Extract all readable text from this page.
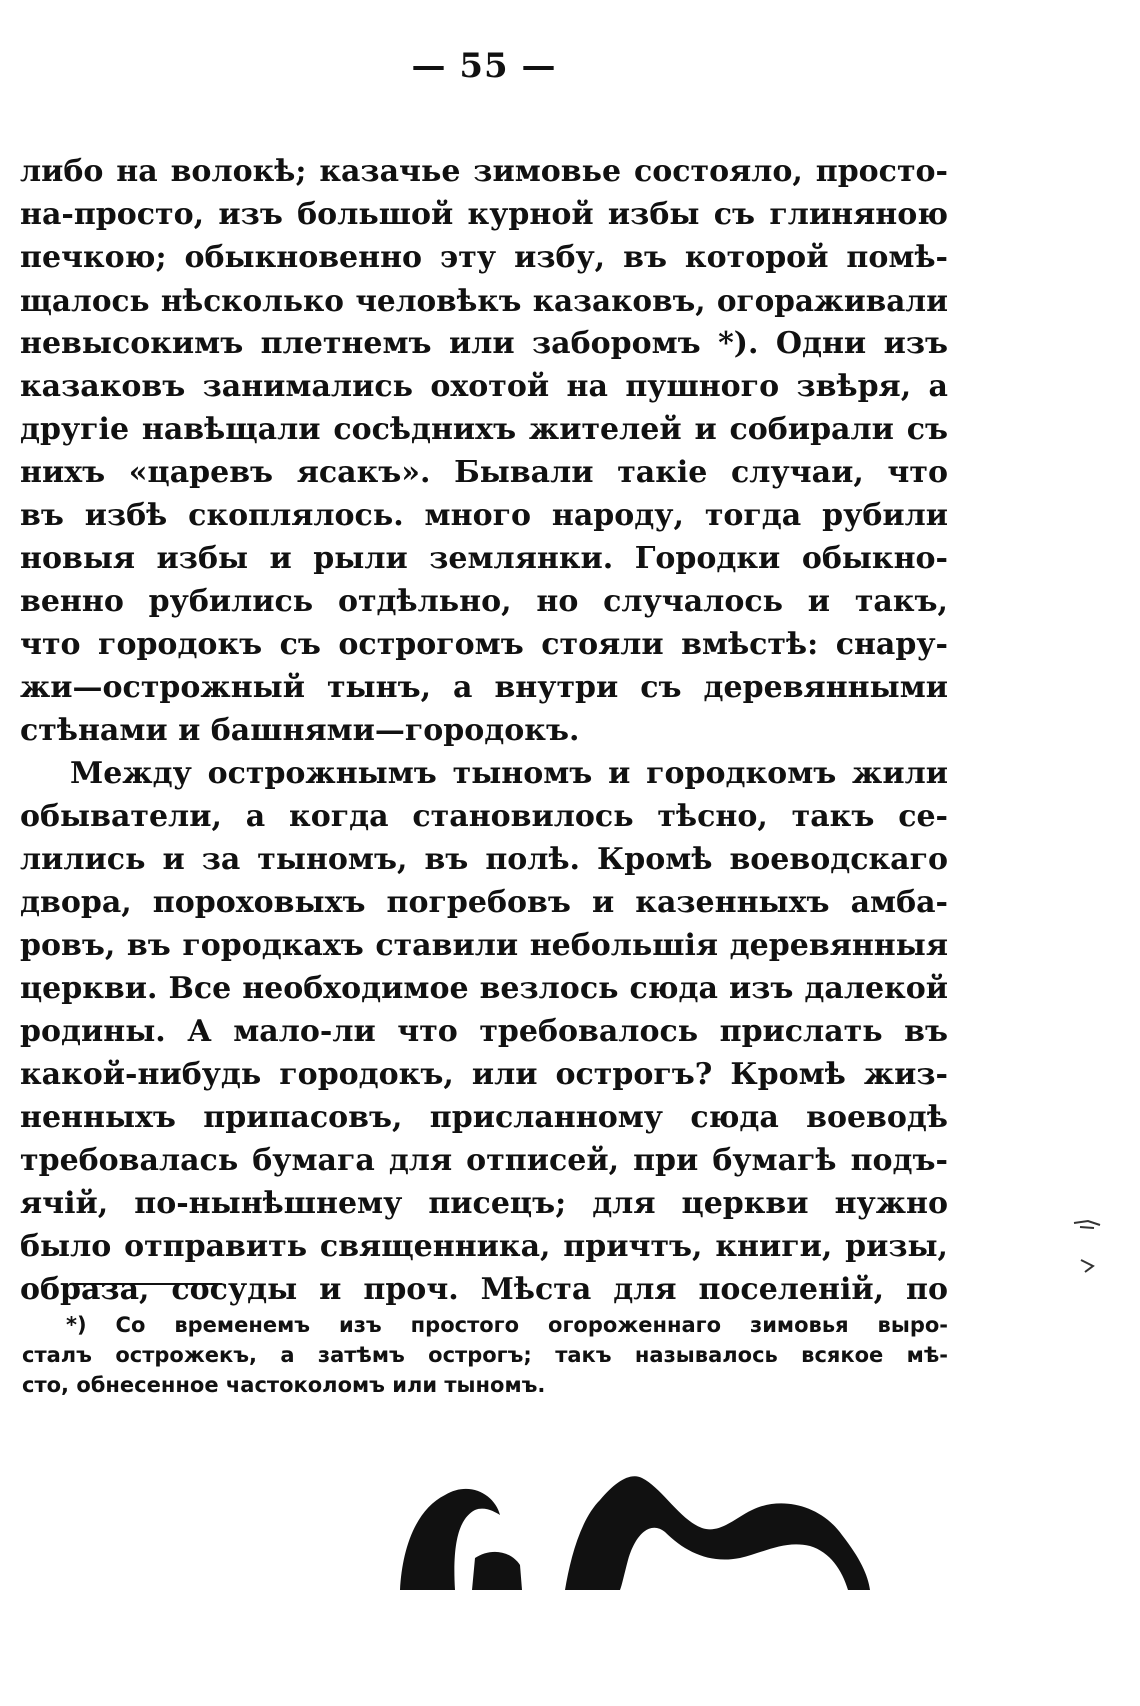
— 55 —
либо на волокѣ; казачье зимовье состояло, просто-
на-просто, изъ большой курной избы съ глиняною
печкою; обыкновенно эту избу, въ которой помѣ-
щалось нѣсколько человѣкъ казаковъ, огораживали
невысокимъ плетнемъ или заборомъ *). Одни изъ
казаковъ занимались охотой на пушного звѣря, а
другіе навѣщали сосѣднихъ жителей и собирали съ
нихъ «царевъ ясакъ». Бывали такіе случаи, что
въ избѣ скоплялось. много народу, тогда рубили
новыя избы и рыли землянки. Городки обыкно-
венно рубились отдѣльно, но случалось и такъ,
что городокъ съ острогомъ стояли вмѣстѣ: снару-
жи—острожный тынъ, а внутри съ деревянными
стѣнами и башнями—городокъ.
Между острожнымъ тыномъ и городкомъ жили
обыватели, а когда становилось тѣсно, такъ се-
лились и за тыномъ, въ полѣ. Кромѣ воеводскаго
двора, пороховыхъ погребовъ и казенныхъ амба-
ровъ, въ городкахъ ставили небольшія деревянныя
церкви. Все необходимое везлось сюда изъ далекой
родины. А мало-ли что требовалось прислать въ
какой-нибудь городокъ, или острогъ? Кромѣ жиз-
ненныхъ припасовъ, присланному сюда воеводѣ
требовалась бумага для отписей, при бумагѣ подъ-
ячій, по-нынѣшнему писецъ; для церкви нужно
было отправить священника, причтъ, книги, ризы,
образа, сосуды и проч. Мѣста для поселеній, по
*) Со временемъ изъ простого огороженнаго зимовья выро-
сталъ острожекъ, а затѣмъ острогъ; такъ называлось всякое мѣ-
сто, обнесенное частоколомъ или тыномъ.
